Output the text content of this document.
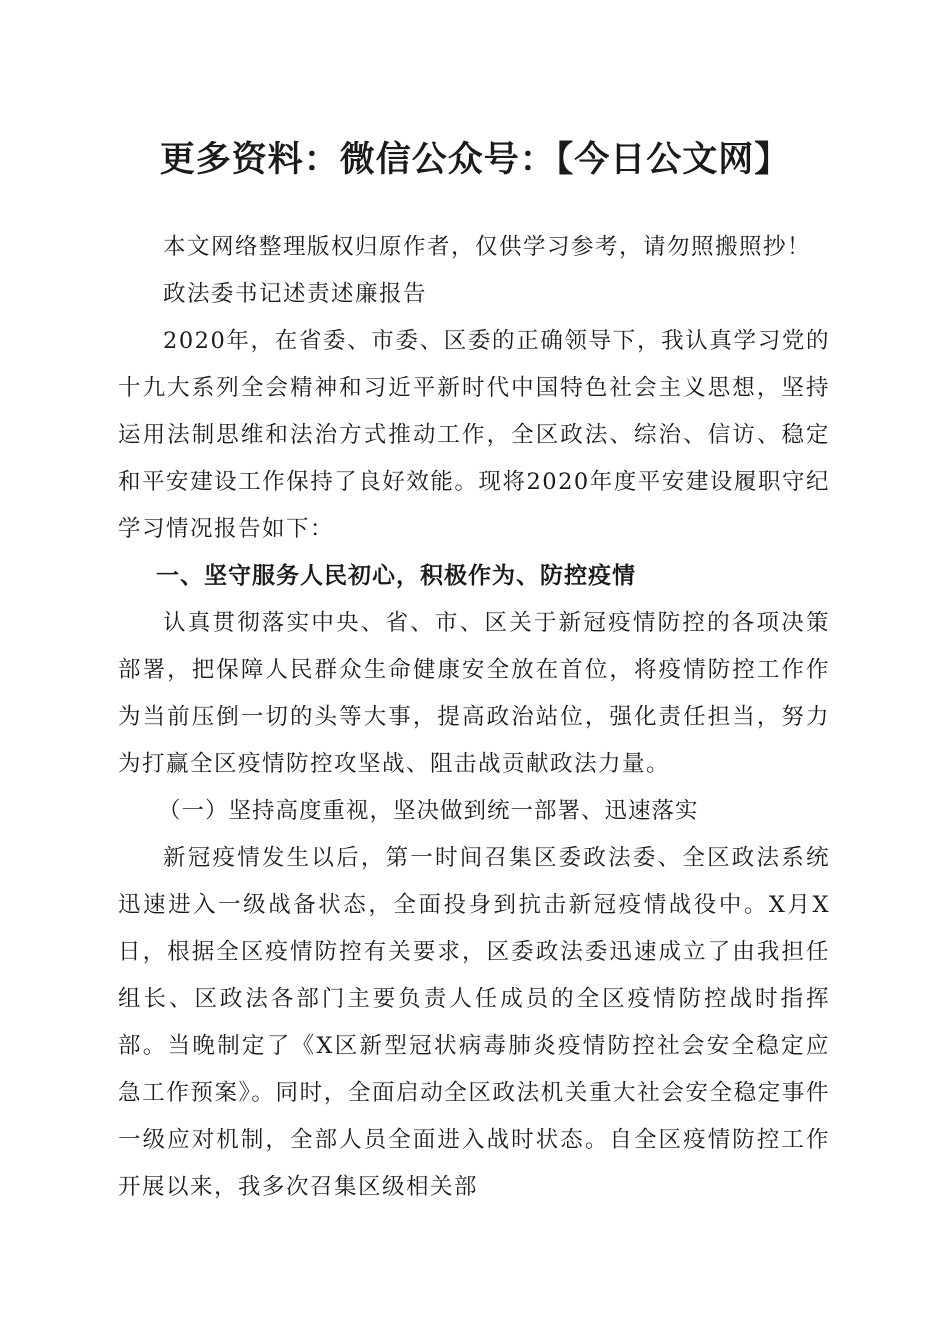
更多资料：微信公众号：【今日公文网】

本文网络整理版权归原作者，仅供学习参考，请勿照搬照抄！

政法委书记述责述廉报告

2020年，在省委、市委、区委的正确领导下，我认真学习党的十九大系列全会精神和习近平新时代中国特色社会主义思想，坚持运用法制思维和法治方式推动工作，全区政法、综治、信访、稳定和平安建设工作保持了良好效能。现将2020年度平安建设履职守纪学习情况报告如下：

一、坚守服务人民初心，积极作为、防控疫情

认真贯彻落实中央、省、市、区关于新冠疫情防控的各项决策部署，把保障人民群众生命健康安全放在首位，将疫情防控工作作为当前压倒一切的头等大事，提高政治站位，强化责任担当，努力为打赢全区疫情防控攻坚战、阻击战贡献政法力量。

（一）坚持高度重视，坚决做到统一部署、迅速落实

新冠疫情发生以后，第一时间召集区委政法委、全区政法系统迅速进入一级战备状态，全面投身到抗击新冠疫情战役中。X月X日，根据全区疫情防控有关要求，区委政法委迅速成立了由我担任组长、区政法各部门主要负责人任成员的全区疫情防控战时指挥部。当晚制定了《X区新型冠状病毒肺炎疫情防控社会安全稳定应急工作预案》。同时，全面启动全区政法机关重大社会安全稳定事件一级应对机制，全部人员全面进入战时状态。自全区疫情防控工作开展以来，我多次召集区级相关部
